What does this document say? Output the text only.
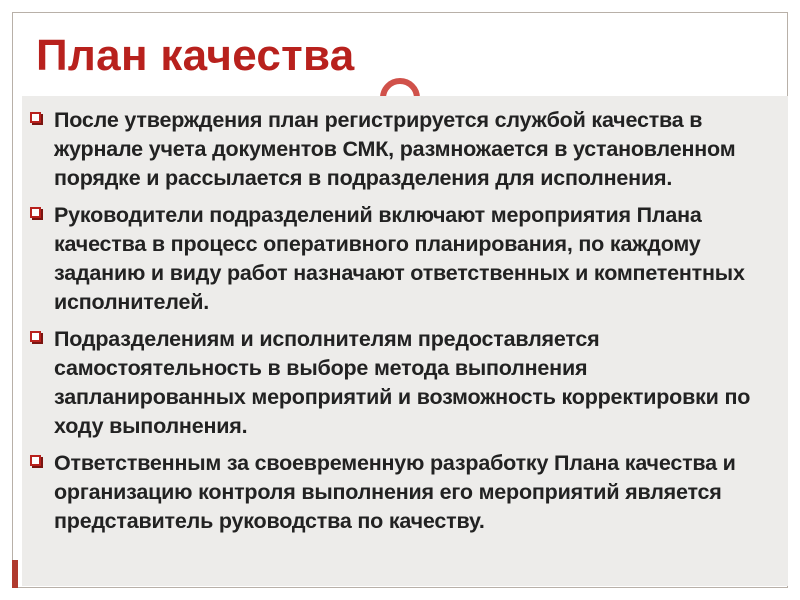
План качества
После утверждения план регистрируется службой качества в журнале учета документов СМК, размножается в установленном порядке и рассылается в подразделения для исполнения.
Руководители подразделений включают мероприятия Плана качества в процесс оперативного планирования, по каждому заданию и виду работ назначают ответственных и компетентных исполнителей.
Подразделениям и исполнителям предоставляется самостоятельность в выборе метода выполнения запланированных мероприятий и возможность корректировки по ходу выполнения.
Ответственным за своевременную разработку Плана качества и организацию контроля выполнения его мероприятий является представитель руководства по качеству.
